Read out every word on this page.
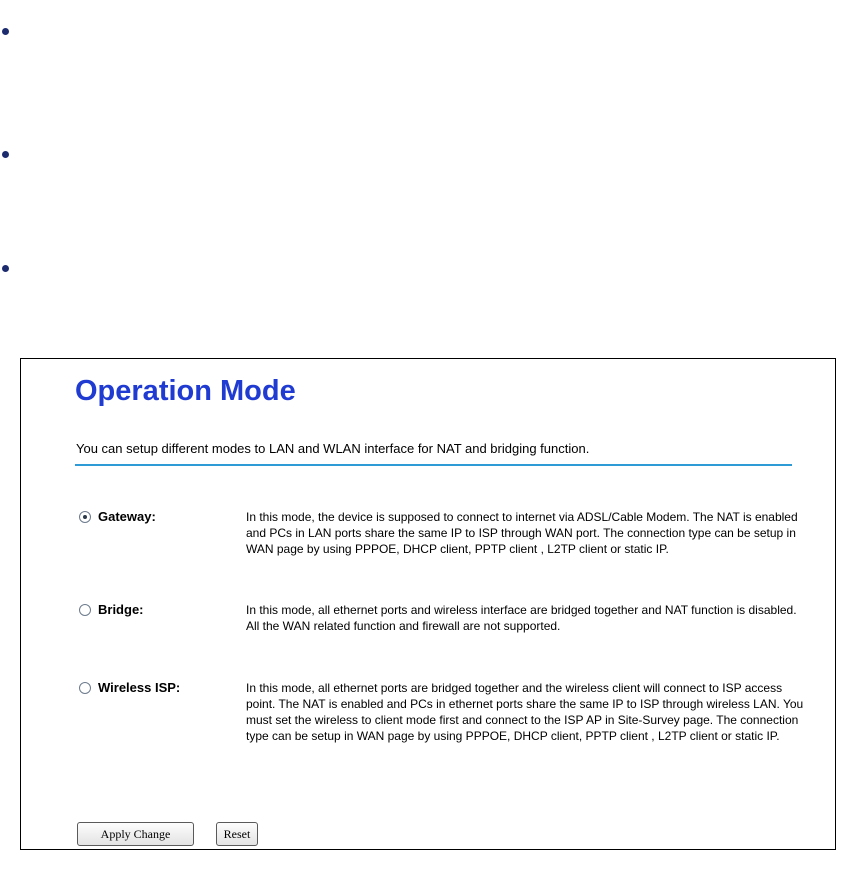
Operation Mode
You can setup different modes to LAN and WLAN interface for NAT and bridging function.
Gateway:	In this mode, the device is supposed to connect to internet via ADSL/Cable Modem. The NAT is enabled and PCs in LAN ports share the same IP to ISP through WAN port. The connection type can be setup in WAN page by using PPPOE, DHCP client, PPTP client , L2TP client or static IP.
Bridge:	In this mode, all ethernet ports and wireless interface are bridged together and NAT function is disabled. All the WAN related function and firewall are not supported.
Wireless ISP:	In this mode, all ethernet ports are bridged together and the wireless client will connect to ISP access point. The NAT is enabled and PCs in ethernet ports share the same IP to ISP through wireless LAN. You must set the wireless to client mode first and connect to the ISP AP in Site-Survey page. The connection type can be setup in WAN page by using PPPOE, DHCP client, PPTP client , L2TP client or static IP.
Apply Change	Reset
